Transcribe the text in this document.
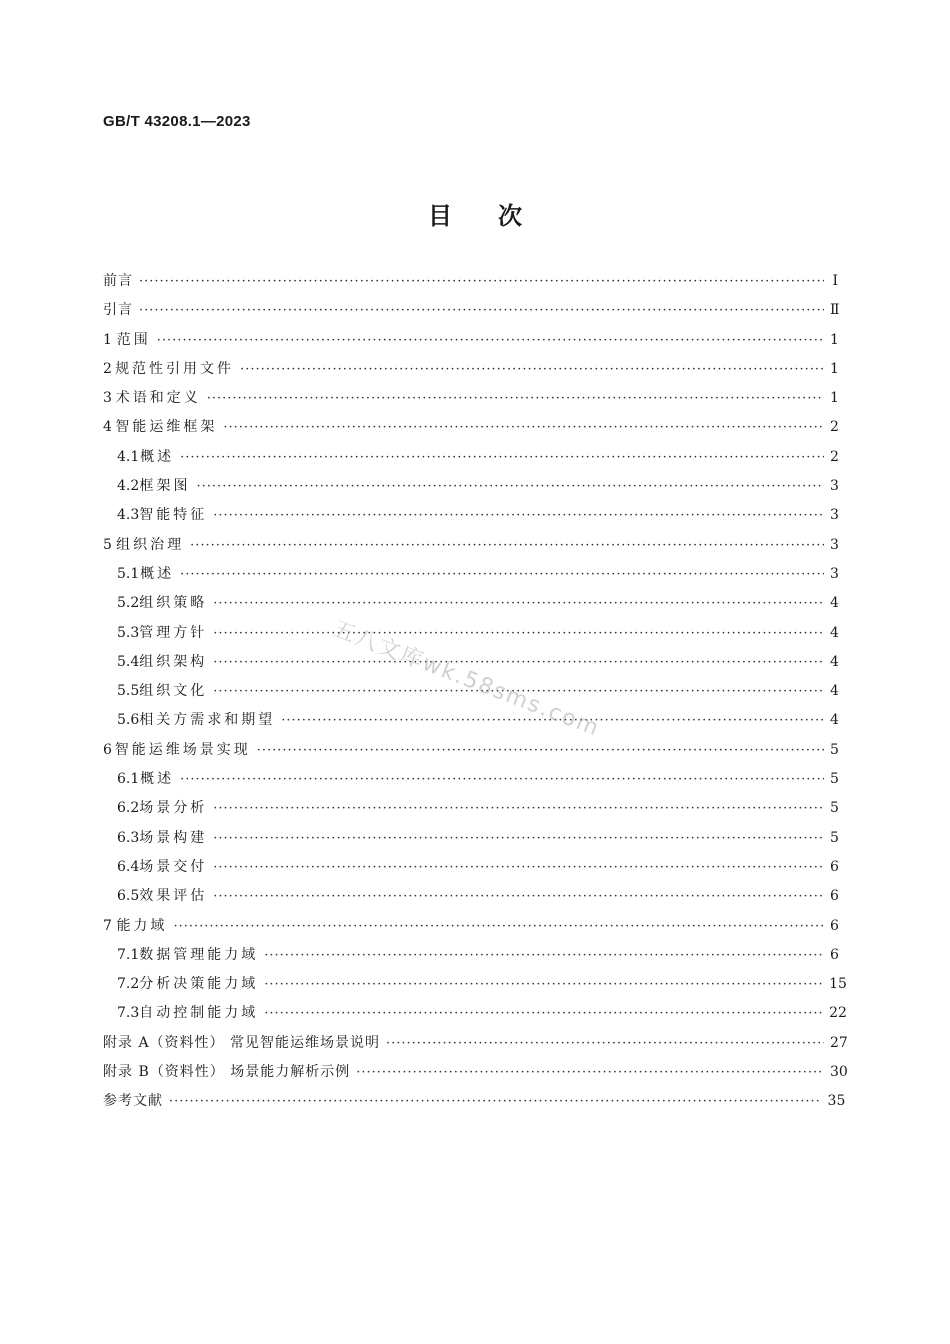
GB/T 43208.1—2023
目次
前言 ·····	Ⅰ
引言 ·····	Ⅱ
1 范围 ·····	1
2 规范性引用文件 ·····	1
3 术语和定义 ·····	1
4 智能运维框架 ·····	2
4.1 概述 ·····	2
4.2 框架图 ·····	3
4.3 智能特征 ·····	3
5 组织治理 ·····	3
5.1 概述 ·····	3
5.2 组织策略 ·····	4
5.3 管理方针 ·····	4
5.4 组织架构 ·····	4
5.5 组织文化 ·····	4
5.6 相关方需求和期望 ·····	4
6 智能运维场景实现 ·····	5
6.1 概述 ·····	5
6.2 场景分析 ·····	5
6.3 场景构建 ·····	5
6.4 场景交付 ·····	6
6.5 效果评估 ·····	6
7 能力域 ·····	6
7.1 数据管理能力域 ·····	6
7.2 分析决策能力域 ·····	15
7.3 自动控制能力域 ·····	22
附录 A（资料性） 常见智能运维场景说明 ·····	27
附录 B（资料性） 场景能力解析示例 ·····	30
参考文献 ·····	35
五八文库wk.58sms.com
